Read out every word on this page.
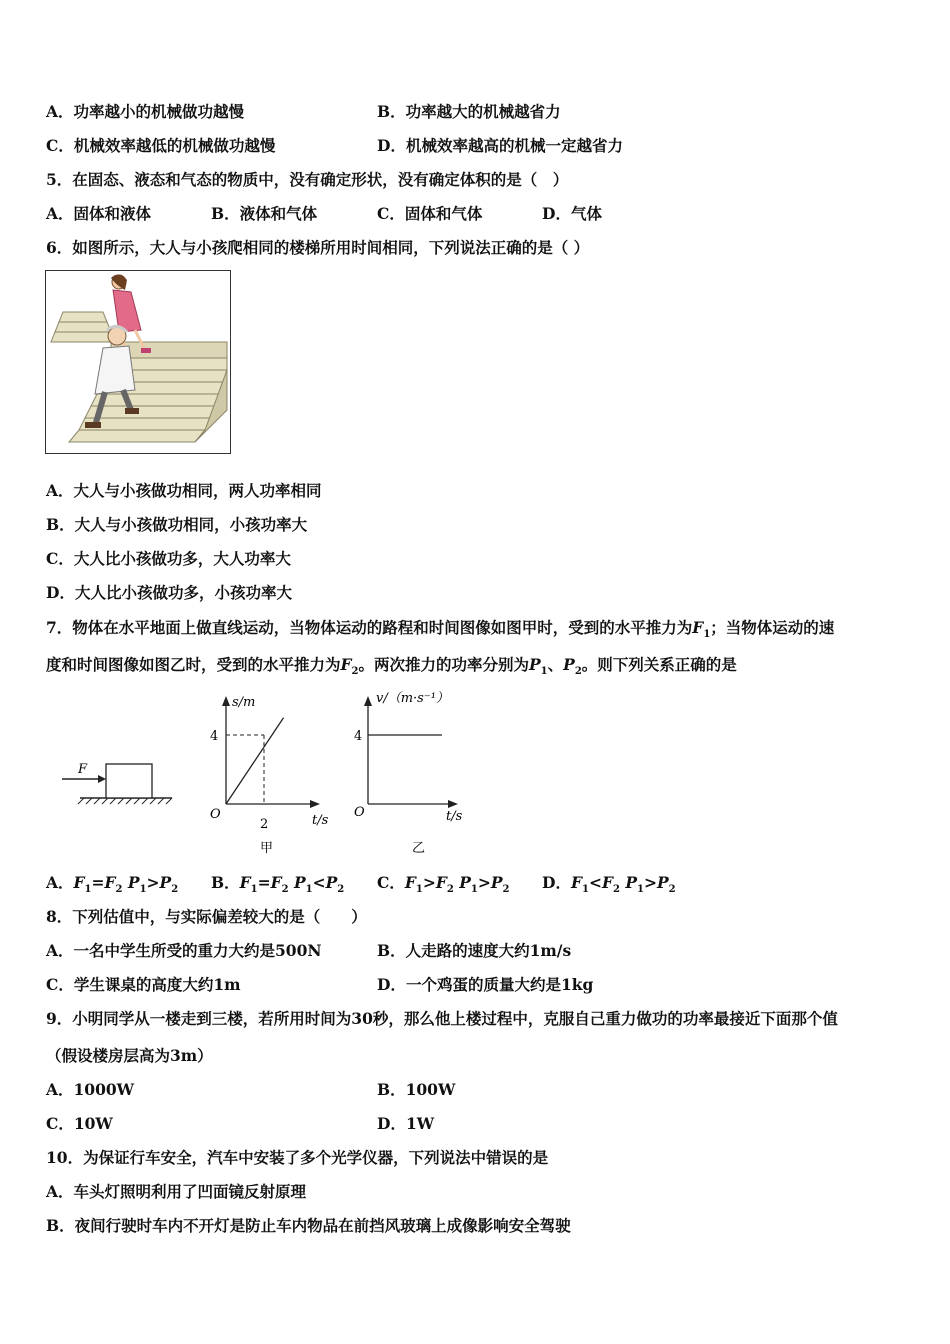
A．功率越小的机械做功越慢	B．功率越大的机械越省力
C．机械效率越低的机械做功越慢	D．机械效率越高的机械一定越省力
5．在固态、液态和气态的物质中，没有确定形状，没有确定体积的是（　）
A．固体和液体	B．液体和气体	C．固体和气体	D．气体
6．如图所示，大人与小孩爬相同的楼梯所用时间相同，下列说法正确的是（ ）
A．大人与小孩做功相同，两人功率相同
B．大人与小孩做功相同，小孩功率大
C．大人比小孩做功多，大人功率大
D．大人比小孩做功多，小孩功率大
7．物体在水平地面上做直线运动，当物体运动的路程和时间图像如图甲时，受到的水平推力为$F_1$；当物体运动的速
度和时间图像如图乙时，受到的水平推力为$F_2$。两次推力的功率分别为$P_1$、$P_2$。则下列关系正确的是
F
s/m
t/s
4
2
O
甲
v/（m·s⁻¹）
t/s
4
O
乙
A．$F_1=F_2$ $P_1>P_2$ B．$F_1=F_2$ $P_1<P_2$ C．$F_1>F_2$ $P_1>P_2$ D．$F_1<F_2$ $P_1>P_2$
8．下列估值中，与实际偏差较大的是（　　）
A．一名中学生所受的重力大约是500N	B．人走路的速度大约1m/s
C．学生课桌的高度大约1m	D．一个鸡蛋的质量大约是1kg
9．小明同学从一楼走到三楼，若所用时间为30秒，那么他上楼过程中，克服自己重力做功的功率最接近下面那个值
（假设楼房层高为3m）
A．1000W	B．100W
C．10W	D．1W
10．为保证行车安全，汽车中安装了多个光学仪器，下列说法中错误的是
A．车头灯照明利用了凹面镜反射原理
B．夜间行驶时车内不开灯是防止车内物品在前挡风玻璃上成像影响安全驾驶
